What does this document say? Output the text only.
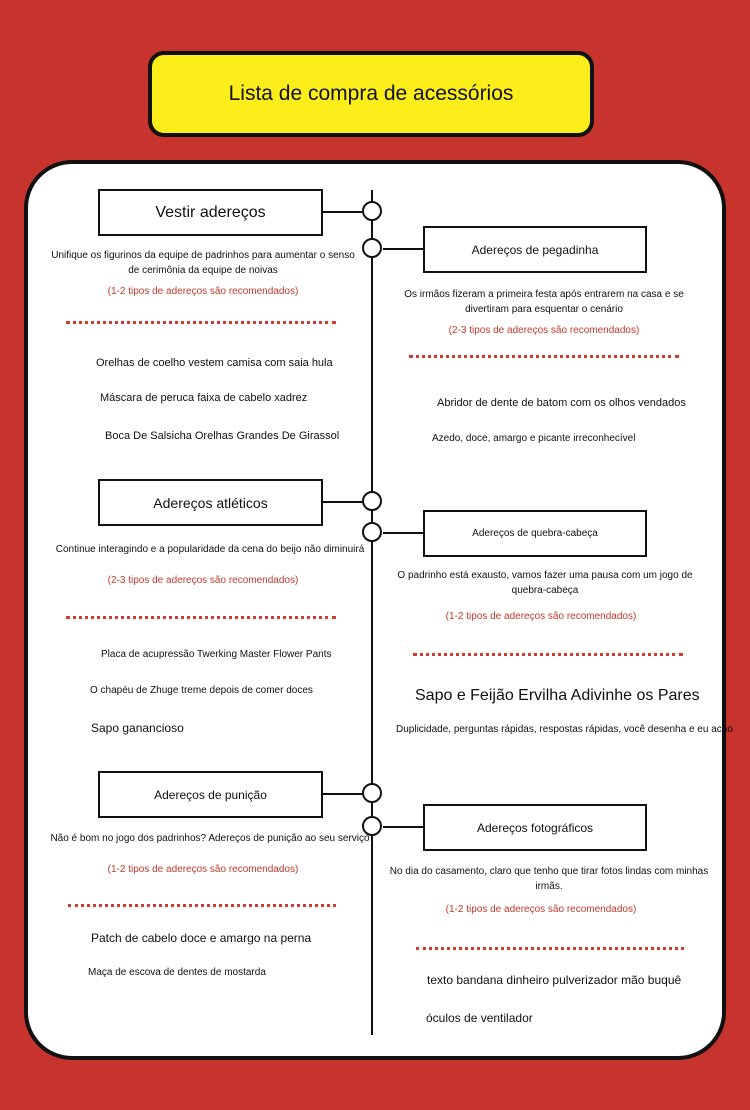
Lista de compra de acessórios
Vestir adereços
Unifique os figurinos da equipe de padrinhos para aumentar o senso de cerimônia da equipe de noivas
(1-2 tipos de adereços são recomendados)
Orelhas de coelho vestem camisa com saia hula
Máscara de peruca faixa de cabelo xadrez
Boca De Salsicha Orelhas Grandes De Girassol
Adereços atléticos
Continue interagindo e a popularidade da cena do beijo não diminuirá
(2-3 tipos de adereços são recomendados)
Placa de acupressão Twerking Master Flower Pants
O chapéu de Zhuge treme depois de comer doces
Sapo ganancioso
Adereços de punição
Não é bom no jogo dos padrinhos? Adereços de punição ao seu serviço
(1-2 tipos de adereços são recomendados)
Patch de cabelo doce e amargo na perna
Maça de escova de dentes de mostarda
Adereços de pegadinha
Os irmãos fizeram a primeira festa após entrarem na casa e se divertiram para esquentar o cenário
(2-3 tipos de adereços são recomendados)
Abridor de dente de batom com os olhos vendados
Azedo, doce, amargo e picante irreconhecível
Adereços de quebra-cabeça
O padrinho está exausto, vamos fazer uma pausa com um jogo de quebra-cabeça
(1-2 tipos de adereços são recomendados)
Sapo e Feijão Ervilha Adivinhe os Pares
Duplicidade, perguntas rápidas, respostas rápidas, você desenha e eu acho
Adereços fotográficos
No dia do casamento, claro que tenho que tirar fotos lindas com minhas irmãs.
(1-2 tipos de adereços são recomendados)
texto bandana dinheiro pulverizador mão buquê
óculos de ventilador
